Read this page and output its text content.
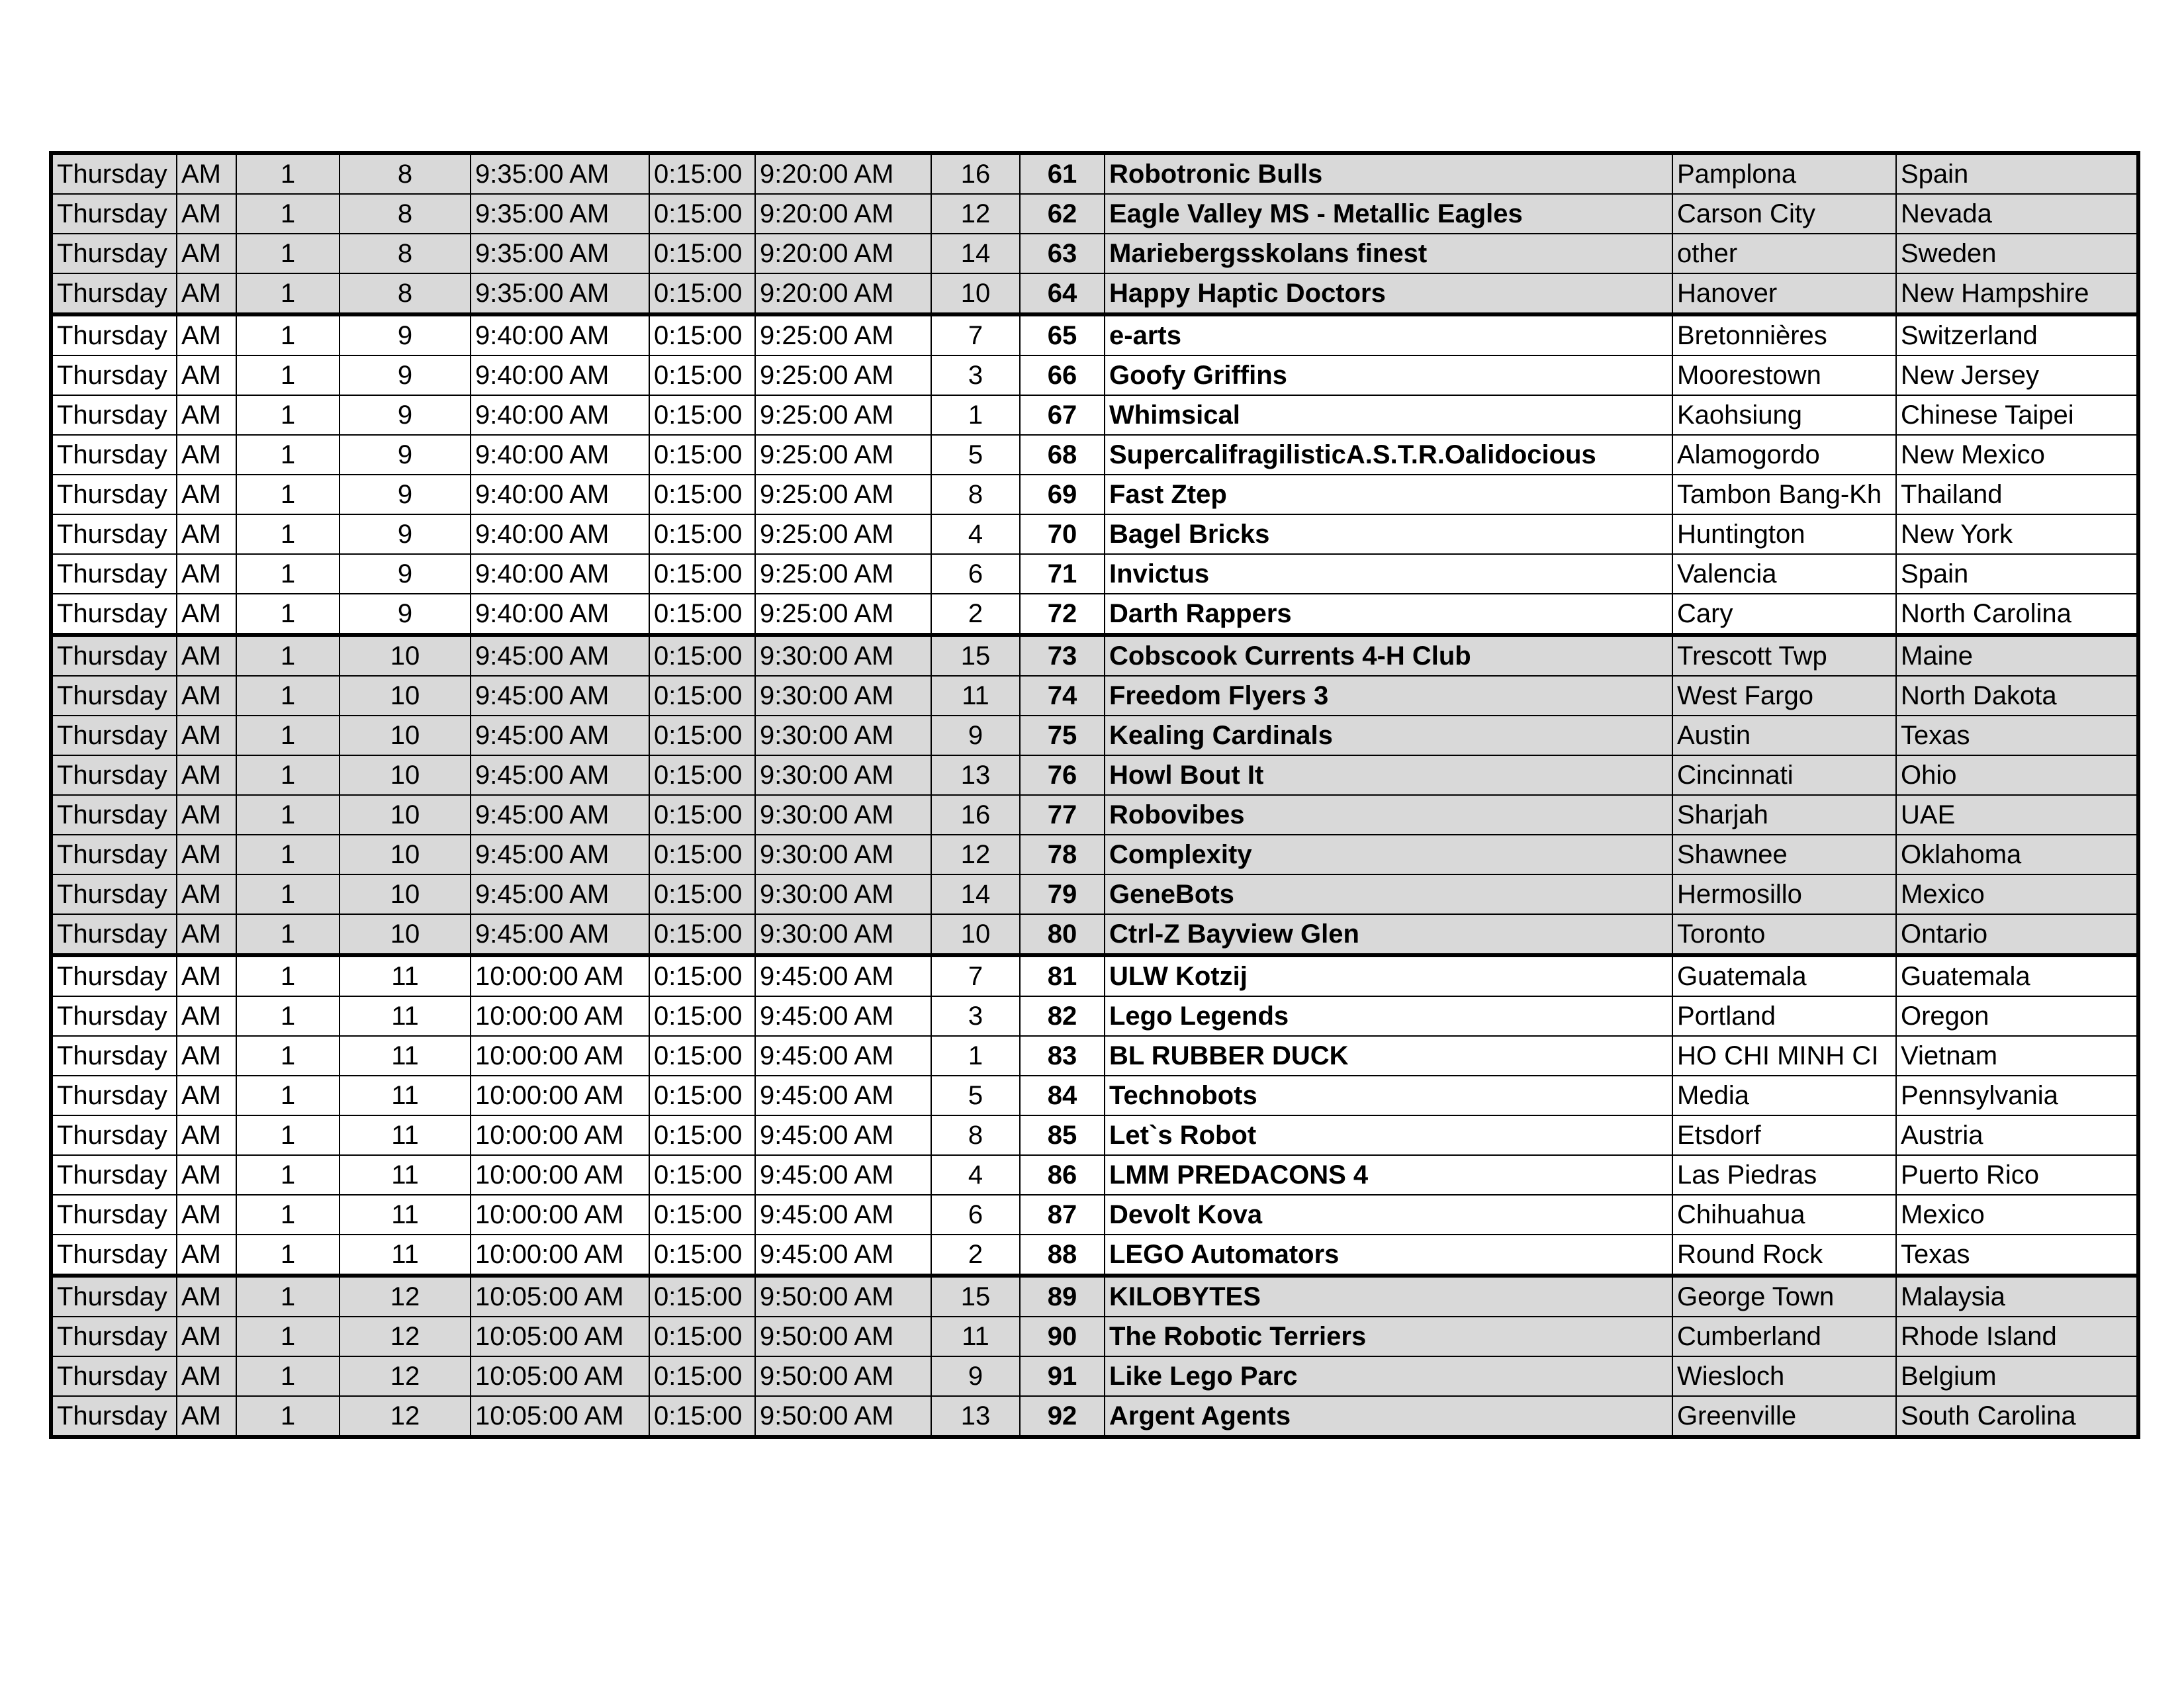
Thursday	AM	1	8	9:35:00 AM	0:15:00	9:20:00 AM	16	61	Robotronic Bulls	Pamplona	Spain
Thursday	AM	1	8	9:35:00 AM	0:15:00	9:20:00 AM	12	62	Eagle Valley MS - Metallic Eagles	Carson City	Nevada
Thursday	AM	1	8	9:35:00 AM	0:15:00	9:20:00 AM	14	63	Mariebergsskolans finest	other	Sweden
Thursday	AM	1	8	9:35:00 AM	0:15:00	9:20:00 AM	10	64	Happy Haptic Doctors	Hanover	New Hampshire
Thursday	AM	1	9	9:40:00 AM	0:15:00	9:25:00 AM	7	65	e-arts	Bretonnières	Switzerland
Thursday	AM	1	9	9:40:00 AM	0:15:00	9:25:00 AM	3	66	Goofy Griffins	Moorestown	New Jersey
Thursday	AM	1	9	9:40:00 AM	0:15:00	9:25:00 AM	1	67	Whimsical	Kaohsiung	Chinese Taipei
Thursday	AM	1	9	9:40:00 AM	0:15:00	9:25:00 AM	5	68	SupercalifragilisticA.S.T.R.Oalidocious	Alamogordo	New Mexico
Thursday	AM	1	9	9:40:00 AM	0:15:00	9:25:00 AM	8	69	Fast Ztep	Tambon Bang-Kh	Thailand
Thursday	AM	1	9	9:40:00 AM	0:15:00	9:25:00 AM	4	70	Bagel Bricks	Huntington	New York
Thursday	AM	1	9	9:40:00 AM	0:15:00	9:25:00 AM	6	71	Invictus	Valencia	Spain
Thursday	AM	1	9	9:40:00 AM	0:15:00	9:25:00 AM	2	72	Darth Rappers	Cary	North Carolina
Thursday	AM	1	10	9:45:00 AM	0:15:00	9:30:00 AM	15	73	Cobscook Currents 4-H Club	Trescott Twp	Maine
Thursday	AM	1	10	9:45:00 AM	0:15:00	9:30:00 AM	11	74	Freedom Flyers 3	West Fargo	North Dakota
Thursday	AM	1	10	9:45:00 AM	0:15:00	9:30:00 AM	9	75	Kealing Cardinals	Austin	Texas
Thursday	AM	1	10	9:45:00 AM	0:15:00	9:30:00 AM	13	76	Howl Bout It	Cincinnati	Ohio
Thursday	AM	1	10	9:45:00 AM	0:15:00	9:30:00 AM	16	77	Robovibes	Sharjah	UAE
Thursday	AM	1	10	9:45:00 AM	0:15:00	9:30:00 AM	12	78	Complexity	Shawnee	Oklahoma
Thursday	AM	1	10	9:45:00 AM	0:15:00	9:30:00 AM	14	79	GeneBots	Hermosillo	Mexico
Thursday	AM	1	10	9:45:00 AM	0:15:00	9:30:00 AM	10	80	Ctrl-Z Bayview Glen	Toronto	Ontario
Thursday	AM	1	11	10:00:00 AM	0:15:00	9:45:00 AM	7	81	ULW Kotzij	Guatemala	Guatemala
Thursday	AM	1	11	10:00:00 AM	0:15:00	9:45:00 AM	3	82	Lego Legends	Portland	Oregon
Thursday	AM	1	11	10:00:00 AM	0:15:00	9:45:00 AM	1	83	BL RUBBER DUCK	HO CHI MINH CI	Vietnam
Thursday	AM	1	11	10:00:00 AM	0:15:00	9:45:00 AM	5	84	Technobots	Media	Pennsylvania
Thursday	AM	1	11	10:00:00 AM	0:15:00	9:45:00 AM	8	85	Let`s Robot	Etsdorf	Austria
Thursday	AM	1	11	10:00:00 AM	0:15:00	9:45:00 AM	4	86	LMM PREDACONS 4	Las Piedras	Puerto Rico
Thursday	AM	1	11	10:00:00 AM	0:15:00	9:45:00 AM	6	87	Devolt Kova	Chihuahua	Mexico
Thursday	AM	1	11	10:00:00 AM	0:15:00	9:45:00 AM	2	88	LEGO Automators	Round Rock	Texas
Thursday	AM	1	12	10:05:00 AM	0:15:00	9:50:00 AM	15	89	KILOBYTES	George Town	Malaysia
Thursday	AM	1	12	10:05:00 AM	0:15:00	9:50:00 AM	11	90	The Robotic Terriers	Cumberland	Rhode Island
Thursday	AM	1	12	10:05:00 AM	0:15:00	9:50:00 AM	9	91	Like Lego Parc	Wiesloch	Belgium
Thursday	AM	1	12	10:05:00 AM	0:15:00	9:50:00 AM	13	92	Argent Agents	Greenville	South Carolina
